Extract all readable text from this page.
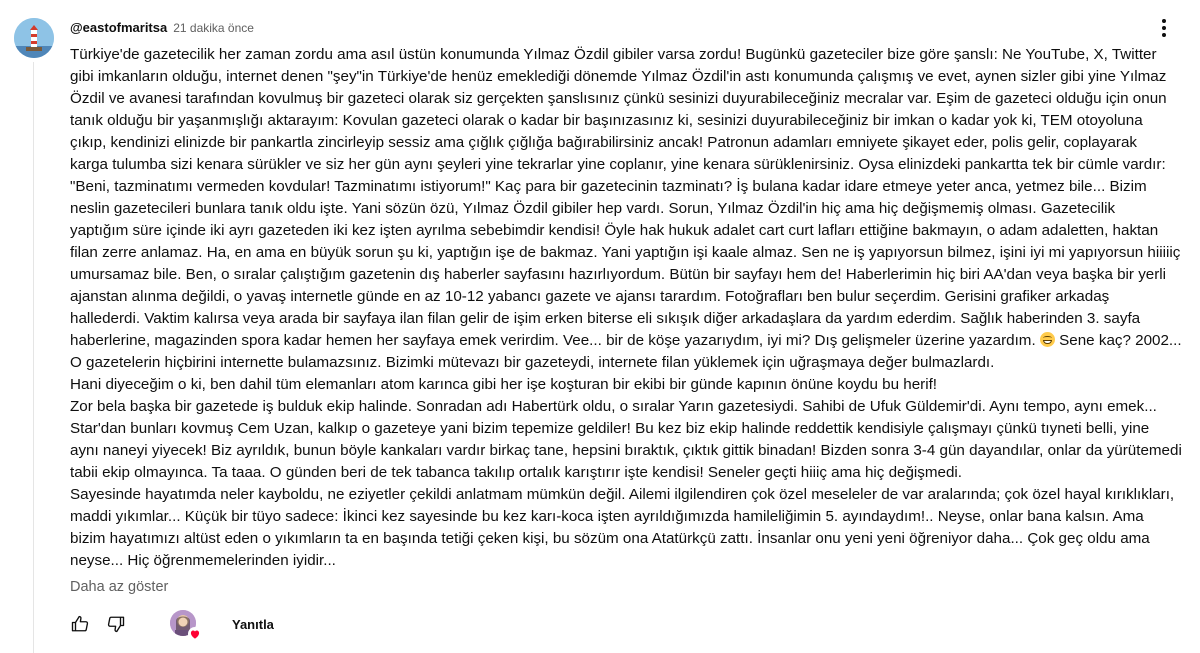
@eastofmaritsa 21 dakika önce
Türkiye'de gazetecilik her zaman zordu ama asıl üstün konumunda Yılmaz Özdil gibiler varsa zordu! Bugünkü gazeteciler bize göre şanslı: Ne YouTube, X, Twitter
gibi imkanların olduğu, internet denen "şey"in Türkiye'de henüz emeklediği dönemde Yılmaz Özdil'in astı konumunda çalışmış ve evet, aynen sizler gibi yine Yılmaz
Özdil ve avanesi tarafından kovulmuş bir gazeteci olarak siz gerçekten şanslısınız çünkü sesinizi duyurabileceğiniz mecralar var. Eşim de gazeteci olduğu için onun
tanık olduğu bir yaşanmışlığı aktarayım: Kovulan gazeteci olarak o kadar bir başınızasınız ki, sesinizi duyurabileceğiniz bir imkan o kadar yok ki, TEM otoyoluna
çıkıp, kendinizi elinizde bir pankartla zincirleyip sessiz ama çığlık çığlığa bağırabilirsiniz ancak! Patronun adamları emniyete şikayet eder, polis gelir, coplayarak
karga tulumba sizi kenara sürükler ve siz her gün aynı şeyleri yine tekrarlar yine coplanır, yine kenara sürüklenirsiniz. Oysa elinizdeki pankartta tek bir cümle vardır:
"Beni, tazminatımı vermeden kovdular! Tazminatımı istiyorum!" Kaç para bir gazetecinin tazminatı? İş bulana kadar idare etmeye yeter anca, yetmez bile... Bizim
neslin gazetecileri bunlara tanık oldu işte. Yani sözün özü, Yılmaz Özdil gibiler hep vardı. Sorun, Yılmaz Özdil'in hiç ama hiç değişmemiş olması. Gazetecilik
yaptığım süre içinde iki ayrı gazeteden iki kez işten ayrılma sebebimdir kendisi! Öyle hak hukuk adalet cart curt lafları ettiğine bakmayın, o adam adaletten, haktan
filan zerre anlamaz. Ha, en ama en büyük sorun şu ki, yaptığın işe de bakmaz. Yani yaptığın işi kaale almaz. Sen ne iş yapıyorsun bilmez, işini iyi mi yapıyorsun hiiiiiç
umursamaz bile. Ben, o sıralar çalıştığım gazetenin dış haberler sayfasını hazırlıyordum. Bütün bir sayfayı hem de! Haberlerimin hiç biri AA'dan veya başka bir yerli
ajanstan alınma değildi, o yavaş internetle günde en az 10-12 yabancı gazete ve ajansı tarardım. Fotoğrafları ben bulur seçerdim. Gerisini grafiker arkadaş
hallederdi. Vaktim kalırsa veya arada bir sayfaya ilan filan gelir de işim erken biterse eli sıkışık diğer arkadaşlara da yardım ederdim. Sağlık haberinden 3. sayfa
haberlerine, magazinden spora kadar hemen her sayfaya emek verirdim. Vee... bir de köşe yazarıydım, iyi mi? Dış gelişmeler üzerine yazardım. Sene kaç? 2002...
O gazetelerin hiçbirini internette bulamazsınız. Bizimki mütevazı bir gazeteydi, internete filan yüklemek için uğraşmaya değer bulmazlardı.
Hani diyeceğim o ki, ben dahil tüm elemanları atom karınca gibi her işe koşturan bir ekibi bir günde kapının önüne koydu bu herif!
Zor bela başka bir gazetede iş bulduk ekip halinde. Sonradan adı Habertürk oldu, o sıralar Yarın gazetesiydi. Sahibi de Ufuk Güldemir'di. Aynı tempo, aynı emek...
Star'dan bunları kovmuş Cem Uzan, kalkıp o gazeteye yani bizim tepemize geldiler! Bu kez biz ekip halinde reddettik kendisiyle çalışmayı çünkü tıyneti belli, yine
aynı naneyi yiyecek! Biz ayrıldık, bunun böyle kankaları vardır birkaç tane, hepsini bıraktık, çıktık gittik binadan! Bizden sonra 3-4 gün dayandılar, onlar da yürütemedi
tabii ekip olmayınca. Ta taaa. O günden beri de tek tabanca takılıp ortalık karıştırır işte kendisi! Seneler geçti hiiiç ama hiç değişmedi.
Sayesinde hayatımda neler kayboldu, ne eziyetler çekildi anlatmam mümkün değil. Ailemi ilgilendiren çok özel meseleler de var aralarında; çok özel hayal kırıklıkları,
maddi yıkımlar... Küçük bir tüyo sadece: İkinci kez sayesinde bu kez karı-koca işten ayrıldığımızda hamileliğimin 5. ayındaydım!.. Neyse, onlar bana kalsın. Ama
bizim hayatımızı altüst eden o yıkımların ta en başında tetiği çeken kişi, bu sözüm ona Atatürkçü zattı. İnsanlar onu yeni yeni öğreniyor daha... Çok geç oldu ama
neyse... Hiç öğrenmemelerinden iyidir...
Daha az göster
Yanıtla
